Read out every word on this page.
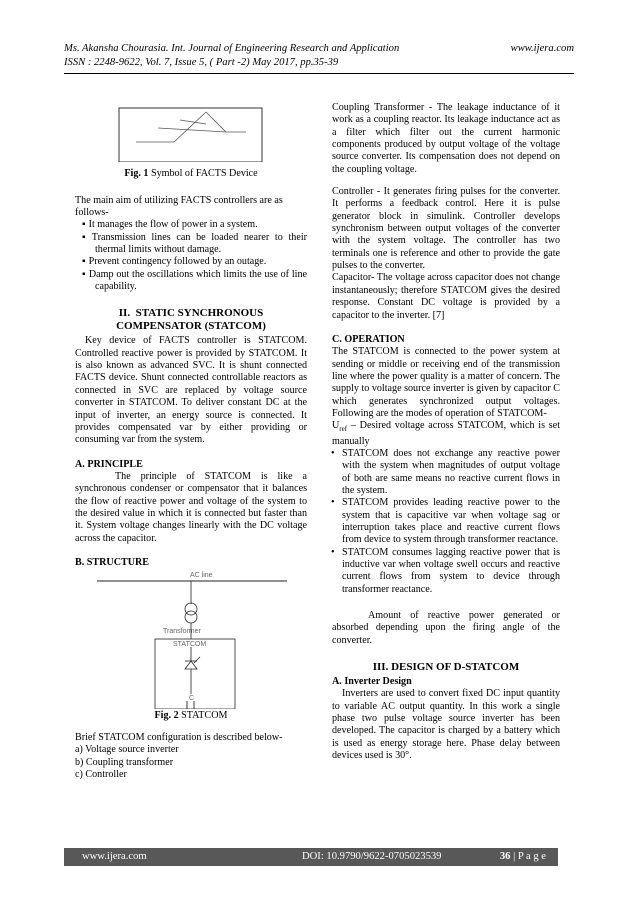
Ms. Akansha Chourasia. Int. Journal of Engineering Research and Application	www.ijera.com
ISSN : 2248-9622, Vol. 7, Issue 5, ( Part -2) May 2017, pp.35-39

Fig. 1 Symbol of FACTS Device

The main aim of utilizing FACTS controllers are as follows-

▪ It manages the flow of power in a system.
▪ Transmission lines can be loaded nearer to their thermal limits without damage.
▪ Prevent contingency followed by an outage.
▪ Damp out the oscillations which limits the use of line capability.
II.  STATIC SYNCHRONOUS
COMPENSATOR (STATCOM)

Key device of FACTS controller is STATCOM. Controlled reactive power is provided by STATCOM. It is also known as advanced SVC. It is shunt connected FACTS device. Shunt connected controllable reactors as connected in SVC are replaced by voltage source converter in STATCOM. To deliver constant DC at the input of inverter, an energy source is connected. It provides compensated var by either providing or consuming var from the system.

A. PRINCIPLE

The principle of STATCOM is like a synchronous condenser or compensator that it balances the flow of reactive power and voltage of the system to the desired value in which it is connected but faster than it. System voltage changes linearly with the DC voltage across the capacitor.

B. STRUCTURE

AC line
Transformer
STATCOM
C

Fig. 2 STATCOM

Brief STATCOM configuration is described below-

a) Voltage source inverter

b) Coupling transformer

c) Controller

Coupling Transformer - The leakage inductance of it work as a coupling reactor. Its leakage inductance act as a filter which filter out the current harmonic components produced by output voltage of the voltage source converter. Its compensation does not depend on the coupling voltage.

Controller - It generates firing pulses for the converter. It performs a feedback control. Here it is pulse generator block in simulink. Controller develops synchronism between output voltages of the converter with the system voltage. The controller has two terminals one is reference and other to provide the gate pulses to the converter.

Capacitor- The voltage across capacitor does not change instantaneously; therefore STATCOM gives the desired response. Constant DC voltage is provided by a capacitor to the inverter. [7]

C. OPERATION

The STATCOM is connected to the power system at sending or middle or receiving end of the transmission line where the power quality is a matter of concern. The supply to voltage source inverter is given by capacitor C which generates synchronized output voltages. Following are the modes of operation of STATCOM-

$U_{ref}$ – Desired voltage across STATCOM, which is set manually

• STATCOM does not exchange any reactive power with the system when magnitudes of output voltage of both are same means no reactive current flows in the system.
• STATCOM provides leading reactive power to the system that is capacitive var when voltage sag or interruption takes place and reactive current flows from device to system through transformer reactance.
• STATCOM consumes lagging reactive power that is inductive var when voltage swell occurs and reactive current flows from system to device through transformer reactance.

Amount of reactive power generated or absorbed depending upon the firing angle of the converter.

III. DESIGN OF D-STATCOM

A. Inverter Design

Inverters are used to convert fixed DC input quantity to variable AC output quantity. In this work a single phase two pulse voltage source inverter has been developed. The capacitor is charged by a battery which is used as energy storage here. Phase delay between devices used is 30°.

www.ijera.com	DOI: 10.9790/9622-0705023539	36 | P a g e
